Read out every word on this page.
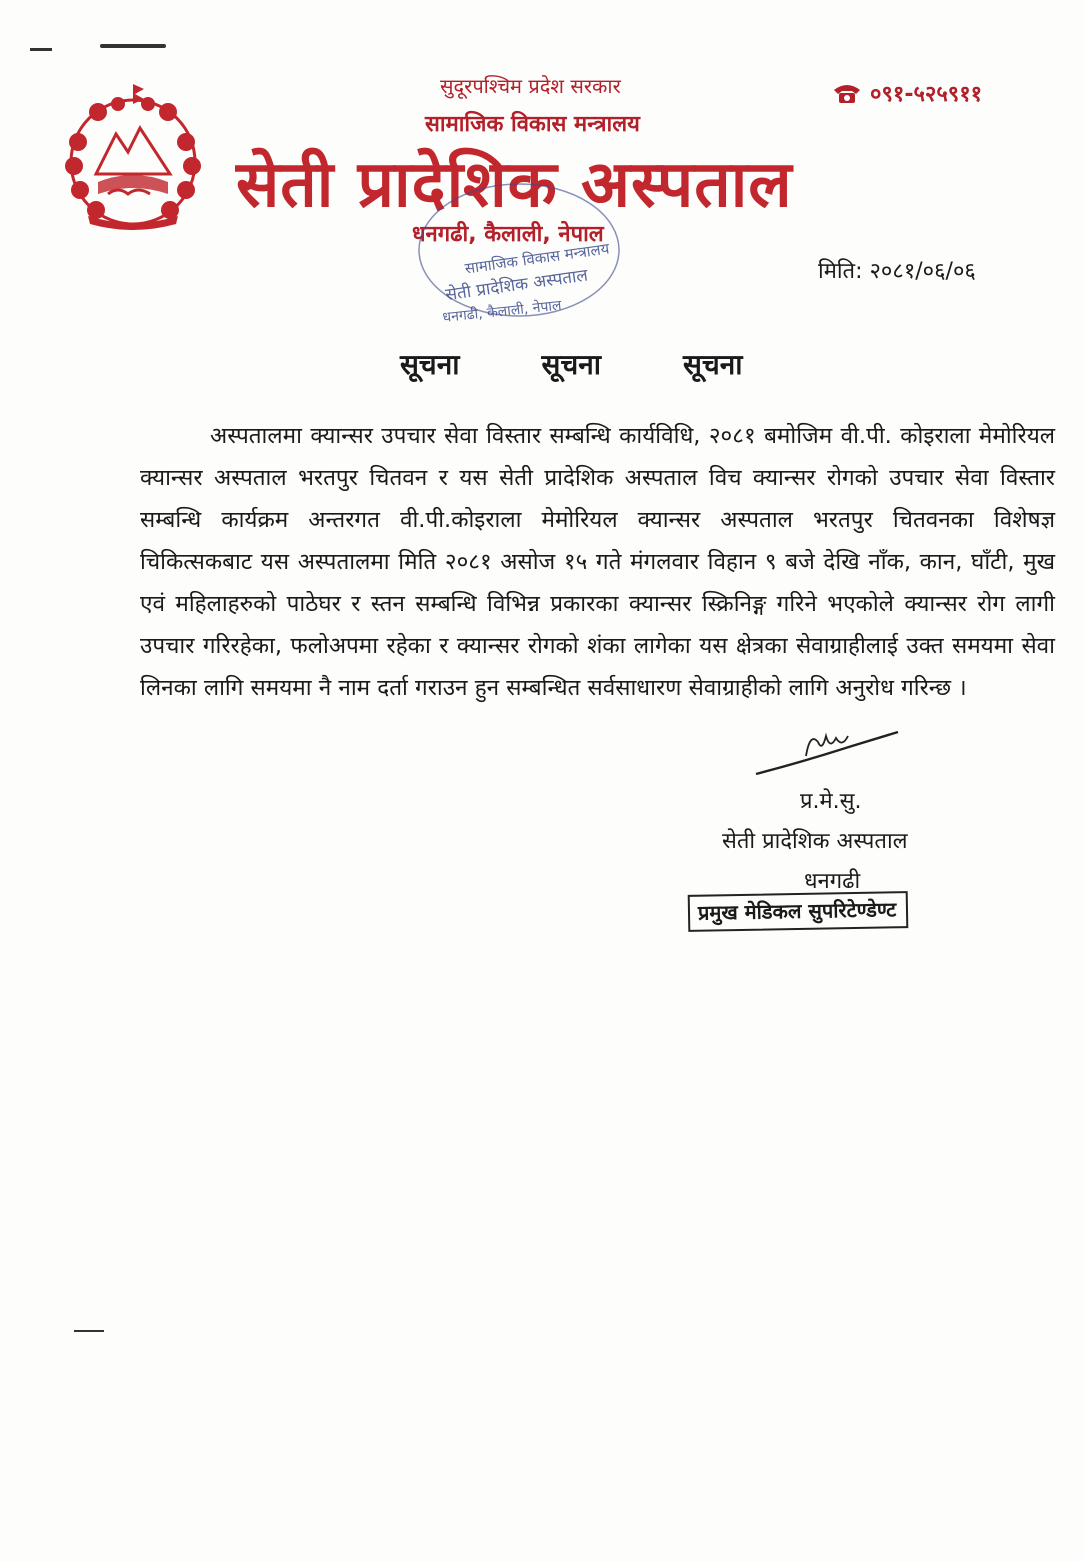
सुदूरपश्चिम प्रदेश सरकार
सामाजिक विकास मन्त्रालय
सेती प्रादेशिक अस्पताल
धनगढी, कैलाली, नेपाल
०९१-५२५९११
सामाजिक विकास मन्त्रालय
सेती प्रादेशिक अस्पताल
धनगढी, कैलाली, नेपाल
मिति: २०८१/०६/०६
सूचना	सूचना	सूचना
अस्पतालमा क्यान्सर उपचार सेवा विस्तार सम्बन्धि कार्यविधि, २०८१ बमोजिम वी.पी. कोइराला मेमोरियल क्यान्सर अस्पताल भरतपुर चितवन र यस सेती प्रादेशिक अस्पताल विच क्यान्सर रोगको उपचार सेवा विस्तार सम्बन्धि कार्यक्रम अन्तरगत वी.पी.कोइराला मेमोरियल क्यान्सर अस्पताल भरतपुर चितवनका विशेषज्ञ चिकित्सकबाट यस अस्पतालमा मिति २०८१ असोज १५ गते मंगलवार विहान ९ बजे देखि नाँक, कान, घाँटी, मुख एवं महिलाहरुको पाठेघर र स्तन सम्बन्धि विभिन्न प्रकारका क्यान्सर स्क्रिनिङ्ग गरिने भएकोले क्यान्सर रोग लागी उपचार गरिरहेका, फलोअपमा रहेका र क्यान्सर रोगको शंका लागेका यस क्षेत्रका सेवाग्राहीलाई उक्त समयमा सेवा लिनका लागि समयमा नै नाम दर्ता गराउन हुन सम्बन्धित सर्वसाधारण सेवाग्राहीको लागि अनुरोध गरिन्छ ।
प्र.मे.सु.
सेती प्रादेशिक अस्पताल
धनगढी
प्रमुख मेडिकल सुपरिटेण्डेण्ट
